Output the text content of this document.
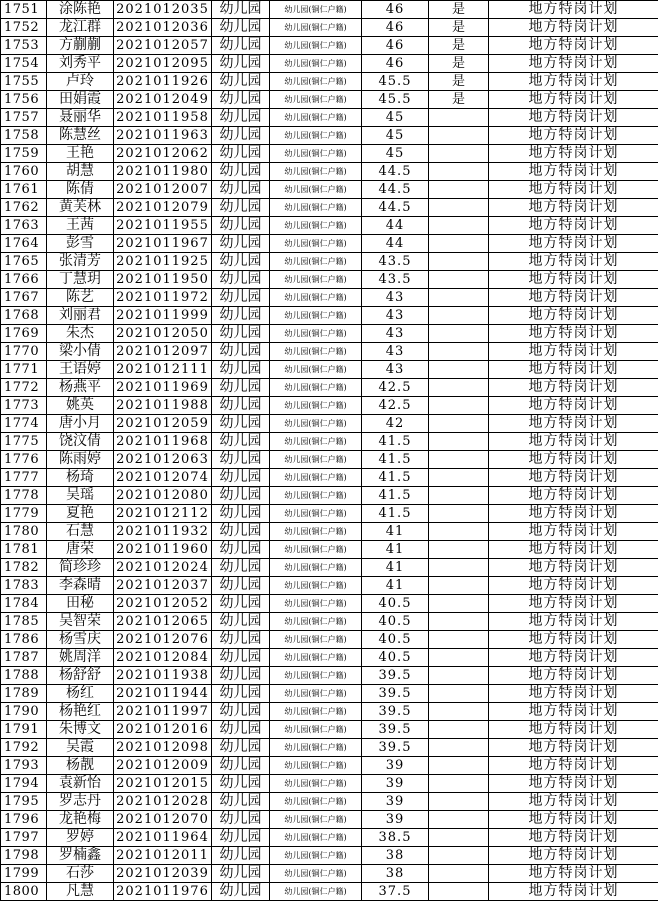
1751	涂陈艳	2021012035	幼儿园	幼儿园(铜仁户籍)	46	是	地方特岗计划
1752	龙江群	2021012036	幼儿园	幼儿园(铜仁户籍)	46	是	地方特岗计划
1753	方蒯蒯	2021012057	幼儿园	幼儿园(铜仁户籍)	46	是	地方特岗计划
1754	刘秀平	2021012095	幼儿园	幼儿园(铜仁户籍)	46	是	地方特岗计划
1755	卢玲	2021011926	幼儿园	幼儿园(铜仁户籍)	45.5	是	地方特岗计划
1756	田娟霞	2021012049	幼儿园	幼儿园(铜仁户籍)	45.5	是	地方特岗计划
1757	聂丽华	2021011958	幼儿园	幼儿园(铜仁户籍)	45		地方特岗计划
1758	陈慧丝	2021011963	幼儿园	幼儿园(铜仁户籍)	45		地方特岗计划
1759	王艳	2021012062	幼儿园	幼儿园(铜仁户籍)	45		地方特岗计划
1760	胡慧	2021011980	幼儿园	幼儿园(铜仁户籍)	44.5		地方特岗计划
1761	陈倩	2021012007	幼儿园	幼儿园(铜仁户籍)	44.5		地方特岗计划
1762	黄芙林	2021012079	幼儿园	幼儿园(铜仁户籍)	44.5		地方特岗计划
1763	王茜	2021011955	幼儿园	幼儿园(铜仁户籍)	44		地方特岗计划
1764	彭雪	2021011967	幼儿园	幼儿园(铜仁户籍)	44		地方特岗计划
1765	张清芳	2021011925	幼儿园	幼儿园(铜仁户籍)	43.5		地方特岗计划
1766	丁慧玥	2021011950	幼儿园	幼儿园(铜仁户籍)	43.5		地方特岗计划
1767	陈艺	2021011972	幼儿园	幼儿园(铜仁户籍)	43		地方特岗计划
1768	刘丽君	2021011999	幼儿园	幼儿园(铜仁户籍)	43		地方特岗计划
1769	朱杰	2021012050	幼儿园	幼儿园(铜仁户籍)	43		地方特岗计划
1770	梁小倩	2021012097	幼儿园	幼儿园(铜仁户籍)	43		地方特岗计划
1771	王语婷	2021012111	幼儿园	幼儿园(铜仁户籍)	43		地方特岗计划
1772	杨燕平	2021011969	幼儿园	幼儿园(铜仁户籍)	42.5		地方特岗计划
1773	姚英	2021011988	幼儿园	幼儿园(铜仁户籍)	42.5		地方特岗计划
1774	唐小月	2021012059	幼儿园	幼儿园(铜仁户籍)	42		地方特岗计划
1775	饶汶倩	2021011968	幼儿园	幼儿园(铜仁户籍)	41.5		地方特岗计划
1776	陈雨婷	2021012063	幼儿园	幼儿园(铜仁户籍)	41.5		地方特岗计划
1777	杨琦	2021012074	幼儿园	幼儿园(铜仁户籍)	41.5		地方特岗计划
1778	吴瑶	2021012080	幼儿园	幼儿园(铜仁户籍)	41.5		地方特岗计划
1779	夏艳	2021012112	幼儿园	幼儿园(铜仁户籍)	41.5		地方特岗计划
1780	石慧	2021011932	幼儿园	幼儿园(铜仁户籍)	41		地方特岗计划
1781	唐荣	2021011960	幼儿园	幼儿园(铜仁户籍)	41		地方特岗计划
1782	简珍珍	2021012024	幼儿园	幼儿园(铜仁户籍)	41		地方特岗计划
1783	李森晴	2021012037	幼儿园	幼儿园(铜仁户籍)	41		地方特岗计划
1784	田秘	2021012052	幼儿园	幼儿园(铜仁户籍)	40.5		地方特岗计划
1785	吴智荣	2021012065	幼儿园	幼儿园(铜仁户籍)	40.5		地方特岗计划
1786	杨雪庆	2021012076	幼儿园	幼儿园(铜仁户籍)	40.5		地方特岗计划
1787	姚周洋	2021012084	幼儿园	幼儿园(铜仁户籍)	40.5		地方特岗计划
1788	杨舒舒	2021011938	幼儿园	幼儿园(铜仁户籍)	39.5		地方特岗计划
1789	杨红	2021011944	幼儿园	幼儿园(铜仁户籍)	39.5		地方特岗计划
1790	杨艳红	2021011997	幼儿园	幼儿园(铜仁户籍)	39.5		地方特岗计划
1791	朱博文	2021012016	幼儿园	幼儿园(铜仁户籍)	39.5		地方特岗计划
1792	吴霞	2021012098	幼儿园	幼儿园(铜仁户籍)	39.5		地方特岗计划
1793	杨靓	2021012009	幼儿园	幼儿园(铜仁户籍)	39		地方特岗计划
1794	袁新怡	2021012015	幼儿园	幼儿园(铜仁户籍)	39		地方特岗计划
1795	罗志丹	2021012028	幼儿园	幼儿园(铜仁户籍)	39		地方特岗计划
1796	龙艳梅	2021012070	幼儿园	幼儿园(铜仁户籍)	39		地方特岗计划
1797	罗婷	2021011964	幼儿园	幼儿园(铜仁户籍)	38.5		地方特岗计划
1798	罗楠鑫	2021012011	幼儿园	幼儿园(铜仁户籍)	38		地方特岗计划
1799	石莎	2021012039	幼儿园	幼儿园(铜仁户籍)	38		地方特岗计划
1800	凡慧	2021011976	幼儿园	幼儿园(铜仁户籍)	37.5		地方特岗计划
